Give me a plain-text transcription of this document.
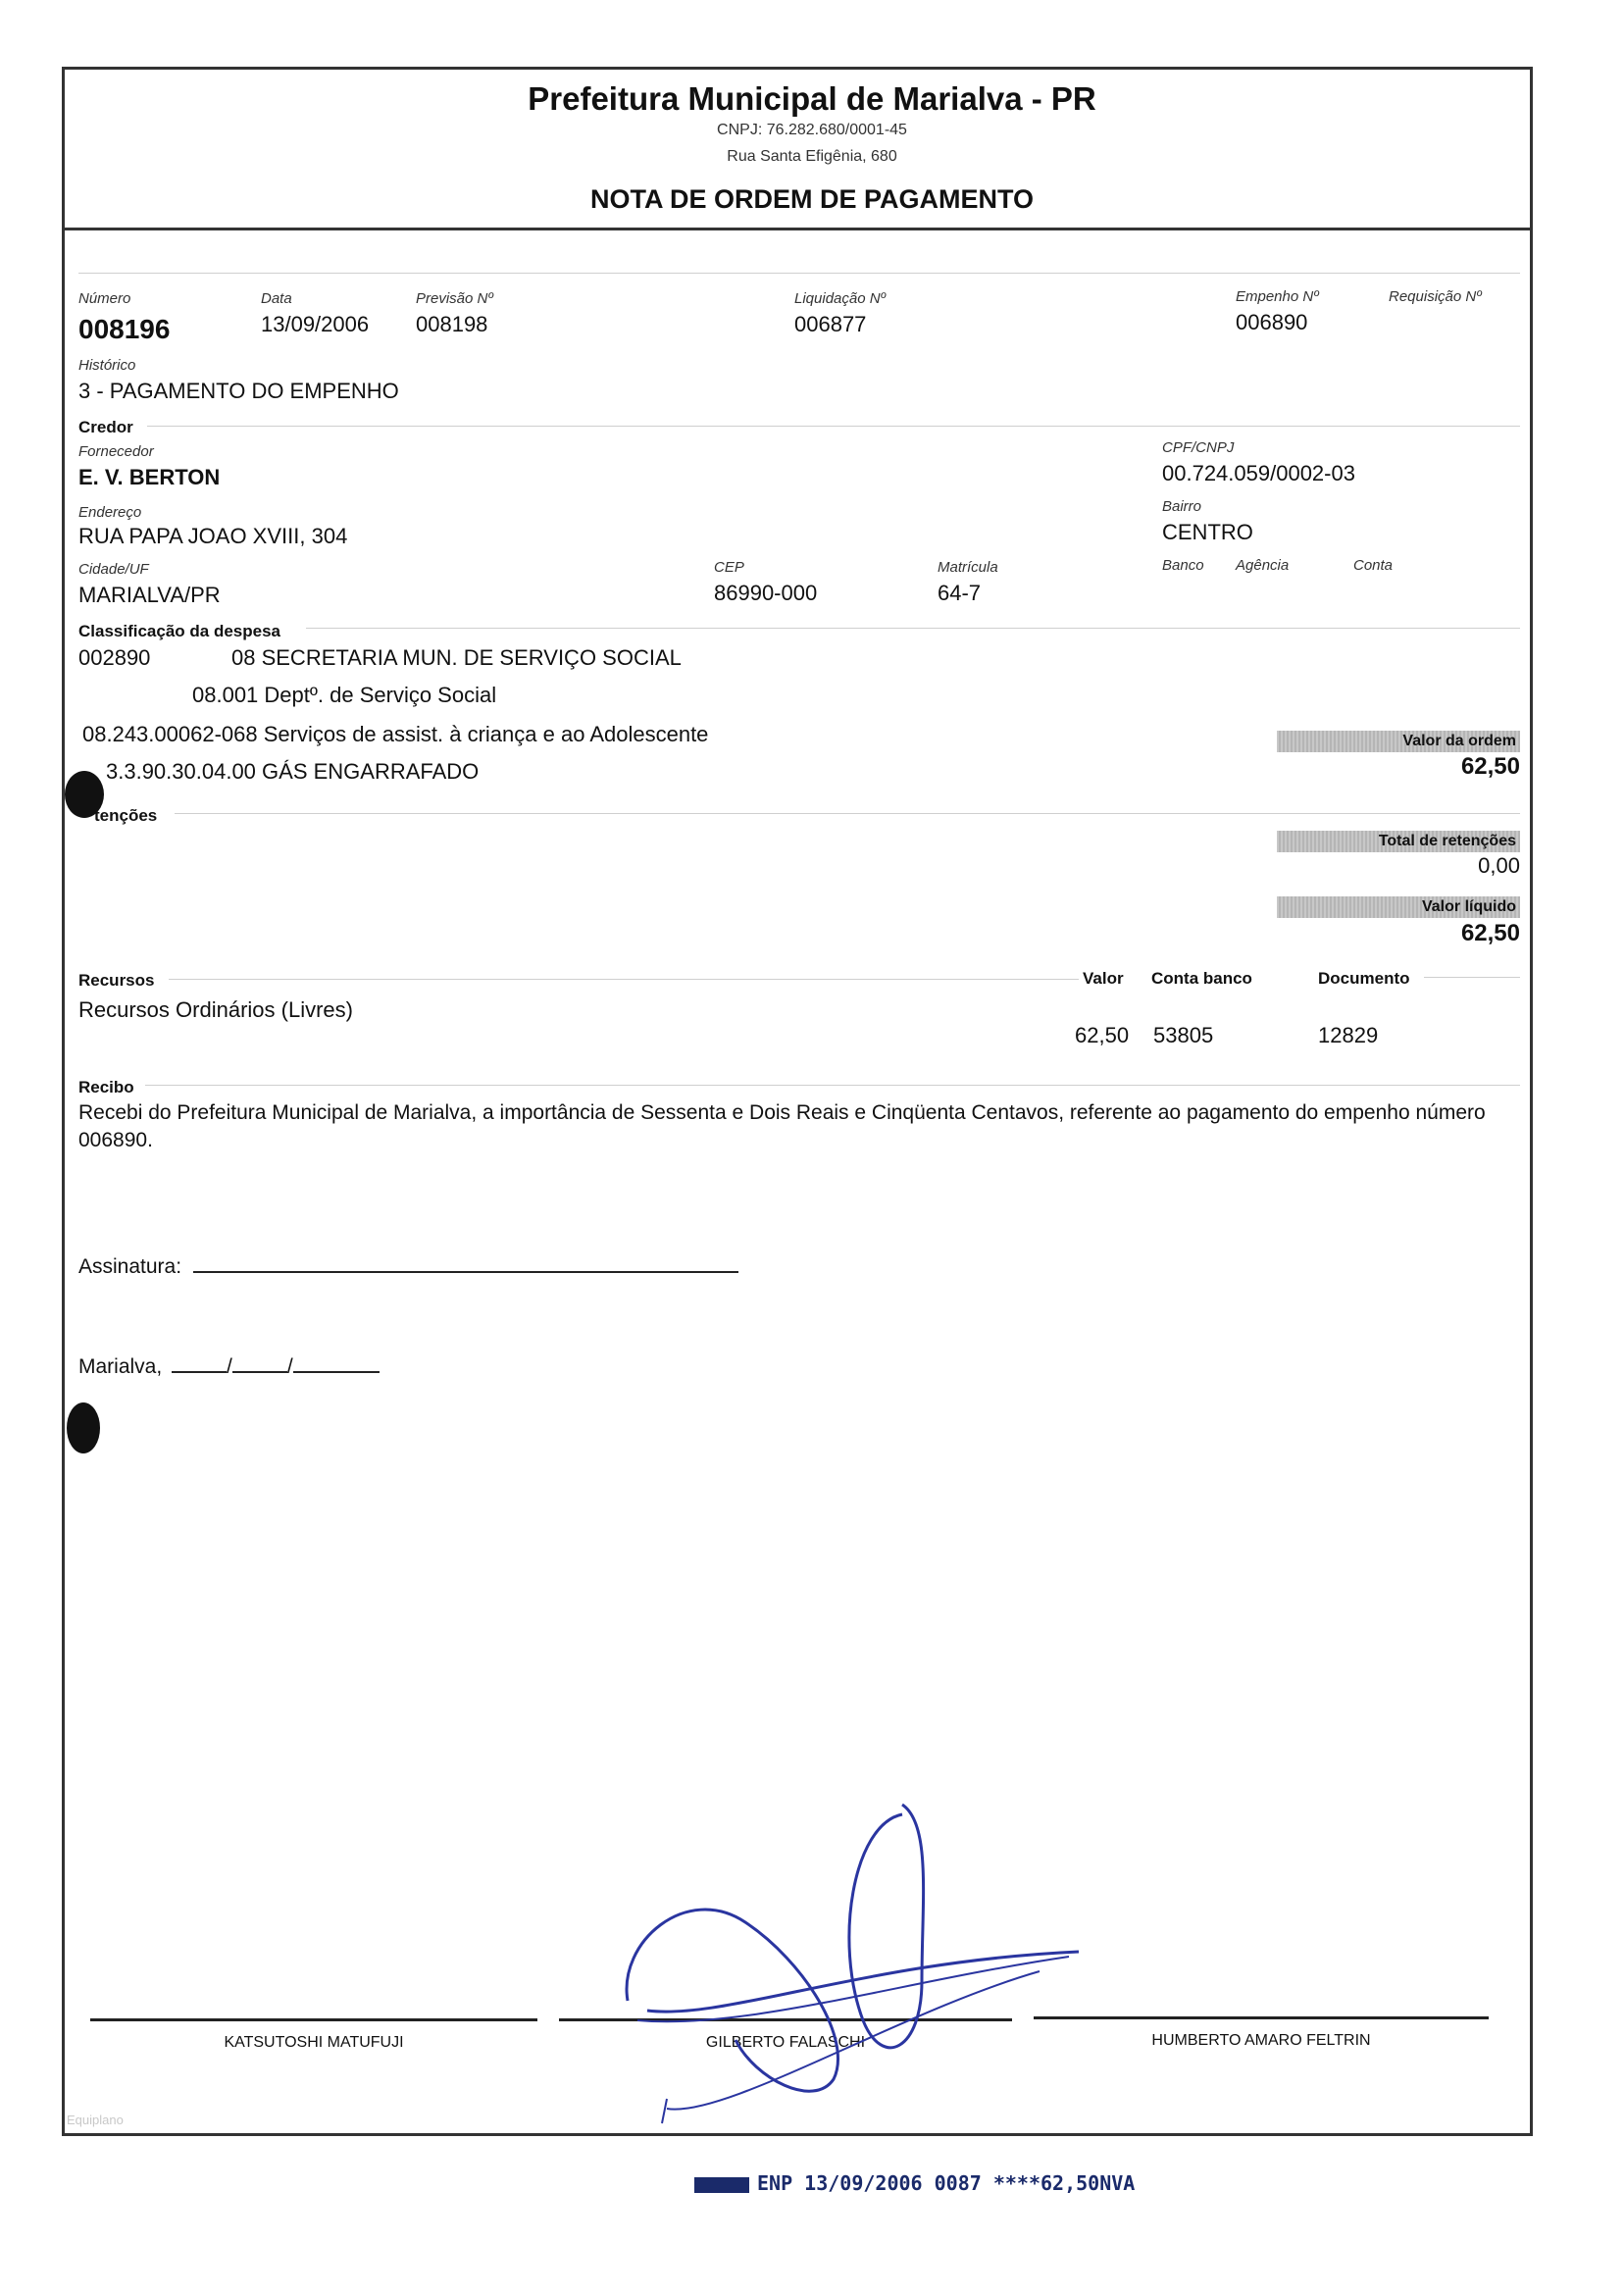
Prefeitura Municipal de Marialva - PR
CNPJ: 76.282.680/0001-45
Rua Santa Efigênia, 680
NOTA DE ORDEM DE PAGAMENTO
Número
008196
Data
13/09/2006
Previsão Nº
008198
Liquidação Nº
006877
Empenho Nº
006890
Requisição Nº
Histórico
3 - PAGAMENTO DO EMPENHO
Credor
Fornecedor
E. V. BERTON
CPF/CNPJ
00.724.059/0002-03
Endereço
RUA PAPA JOAO XVIII, 304
Bairro
CENTRO
Cidade/UF
MARIALVA/PR
CEP
86990-000
Matrícula
64-7
Banco Agência	Conta
Classificação da despesa
002890	08 SECRETARIA MUN. DE SERVIÇO SOCIAL
08.001 Deptº. de Serviço Social
08.243.00062-068 Serviços de assist. à criança e ao Adolescente
3.3.90.30.04.00 GÁS ENGARRAFADO
Valor da ordem
62,50
tenções
Total de retenções
0,00
Valor líquido
62,50
Recursos	Valor Conta banco	Documento
Recursos Ordinários (Livres)
62,50 53805	12829
Recibo
Recebi do Prefeitura Municipal de Marialva, a importância de Sessenta e Dois Reais e Cinqüenta Centavos, referente ao pagamento do empenho número 006890.
Assinatura:
Marialva,	/	/
KATSUTOSHI MATUFUJI	GILBERTO FALASCHI	HUMBERTO AMARO FELTRIN
Equiplano
ENP 13/09/2006 0087 ****62,50NVA
